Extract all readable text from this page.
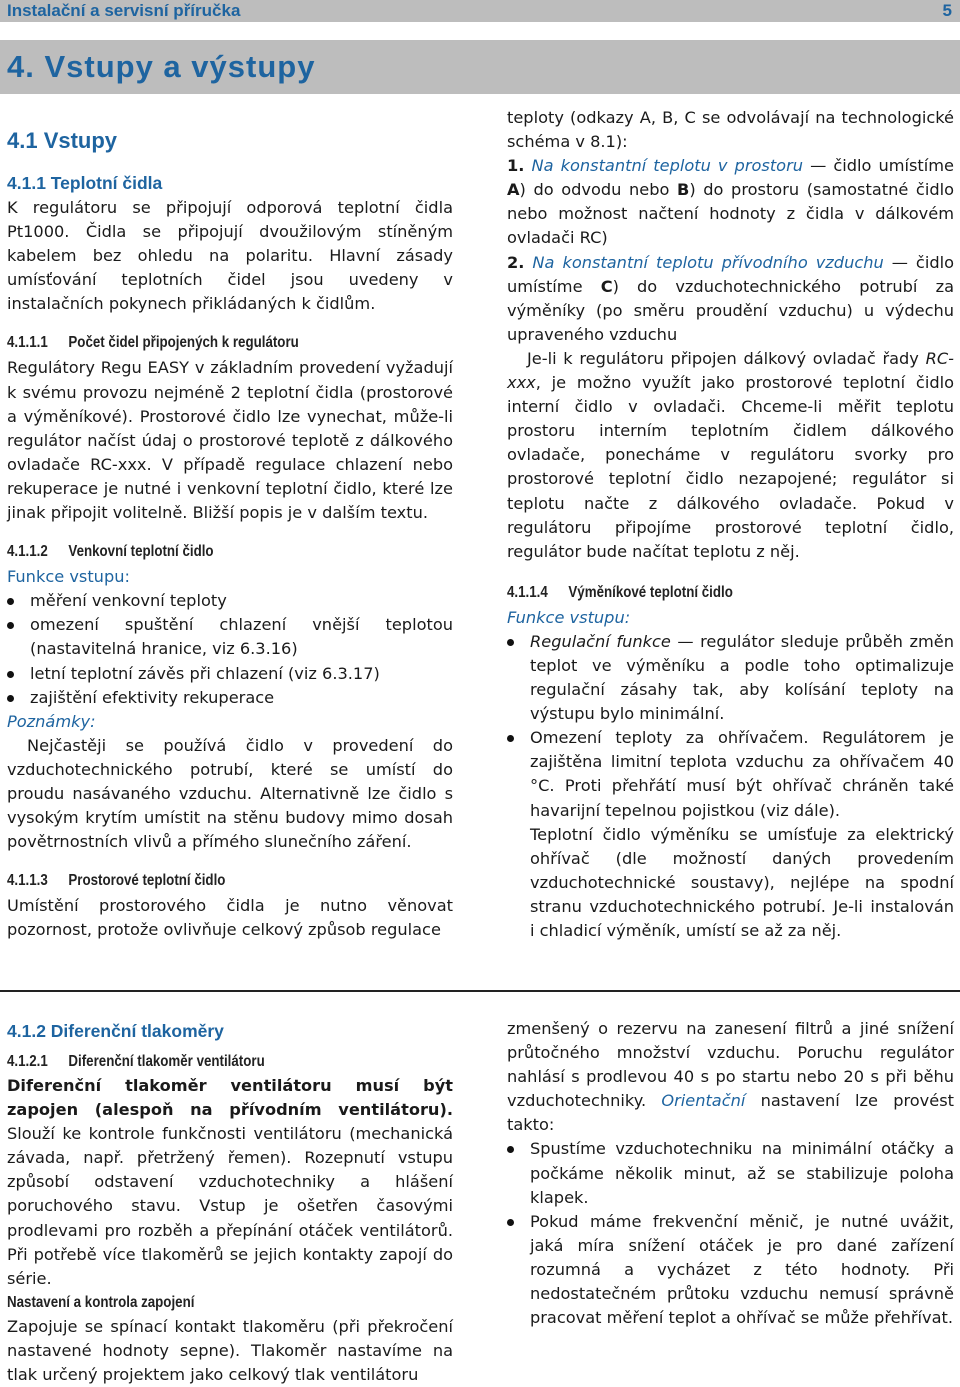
Instalační a servisní příručka	5
4. Vstupy a výstupy

4.1 Vstupy

4.1.1 Teplotní čidla

K regulátoru se připojují odporová teplotní čidla Pt1000. Čidla se připojují dvoužilovým stíněným kabelem bez ohledu na polaritu. Hlavní zásady umísťování teplotních čidel jsou uvedeny v instalačních pokynech přikládaných k čidlům.

4.1.1.1 Počet čidel připojených k regulátoru

Regulátory Regu EASY v základním provedení vyžadují k svému provozu nejméně 2 teplotní čidla (prostorové a výměníkové). Prostorové čidlo lze vynechat, může-li regulátor načíst údaj o prostorové teplotě z dálkového ovladače RC-xxx. V případě regulace chlazení nebo rekuperace je nutné i venkovní teplotní čidlo, které lze jinak připojit volitelně. Bližší popis je v dalším textu.

4.1.1.2 Venkovní teplotní čidlo

Funkce vstupu:

měření venkovní teploty
omezení spuštění chlazení vnější teplotou (nastavitelná hranice, viz 6.3.16)
letní teplotní závěs při chlazení (viz 6.3.17)
zajištění efektivity rekuperace

Poznámky:

Nejčastěji se používá čidlo v provedení do vzduchotechnického potrubí, které se umístí do proudu nasávaného vzduchu. Alternativně lze čidlo s vysokým krytím umístit na stěnu budovy mimo dosah povětrnostních vlivů a přímého slunečního záření.

4.1.1.3 Prostorové teplotní čidlo

Umístění prostorového čidla je nutno věnovat pozornost, protože ovlivňuje celkový způsob regulace

teploty (odkazy A, B, C se odvolávají na technologické schéma v 8.1):

1. Na konstantní teplotu v prostoru — čidlo umístíme A) do odvodu nebo B) do prostoru (samostatné čidlo nebo možnost načtení hodnoty z čidla v dálkovém ovladači RC)

2. Na konstantní teplotu přívodního vzduchu — čidlo umístíme C) do vzduchotechnického potrubí za výměníky (po směru proudění vzduchu) u výdechu upraveného vzduchu

Je-li k regulátoru připojen dálkový ovladač řady RC-xxx, je možno využít jako prostorové teplotní čidlo interní čidlo v ovladači. Chceme-li měřit teplotu prostoru interním teplotním čidlem dálkového ovladače, ponecháme v regulátoru svorky pro prostorové teplotní čidlo nezapojené; regulátor si teplotu načte z dálkového ovladače. Pokud v regulátoru připojíme prostorové teplotní čidlo, regulátor bude načítat teplotu z něj.

4.1.1.4 Výměníkové teplotní čidlo

Funkce vstupu:

Regulační funkce — regulátor sleduje průběh změn teplot ve výměníku a podle toho optimalizuje regulační zásahy tak, aby kolísání teploty na výstupu bylo minimální.
Omezení teploty za ohřívačem. Regulátorem je zajištěna limitní teplota vzduchu za ohřívačem 40 °C. Proti přehřátí musí být ohřívač chráněn také havarijní tepelnou pojistkou (viz dále).

Teplotní čidlo výměníku se umísťuje za elektrický ohřívač (dle možností daných provedením vzduchotechnické soustavy), nejlépe na spodní stranu vzduchotechnického potrubí. Je-li instalován i chladicí výměník, umístí se až za něj.

4.1.2 Diferenční tlakoměry

4.1.2.1 Diferenční tlakoměr ventilátoru

Diferenční tlakoměr ventilátoru musí být zapojen (alespoň na přívodním ventilátoru). Slouží ke kontrole funkčnosti ventilátoru (mechanická závada, např. přetržený řemen). Rozepnutí vstupu způsobí odstavení vzduchotechniky a hlášení poruchového stavu. Vstup je ošetřen časovými prodlevami pro rozběh a přepínání otáček ventilátorů. Při potřebě více tlakoměrů se jejich kontakty zapojí do série.

Nastavení a kontrola zapojení

Zapojuje se spínací kontakt tlakoměru (při překročení nastavené hodnoty sepne). Tlakoměr nastavíme na tlak určený projektem jako celkový tlak ventilátoru

zmenšený o rezervu na zanesení filtrů a jiné snížení průtočného množství vzduchu. Poruchu regulátor nahlásí s prodlevou 40 s po startu nebo 20 s při běhu vzduchotechniky. Orientační nastavení lze provést takto:

Spustíme vzduchotechniku na minimální otáčky a počkáme několik minut, až se stabilizuje poloha klapek.
Pokud máme frekvenční měnič, je nutné uvážit, jaká míra snížení otáček je pro dané zařízení rozumná a vycházet z této hodnoty. Při nedostatečném průtoku vzduchu nemusí správně pracovat měření teplot a ohřívač se může přehřívat.
